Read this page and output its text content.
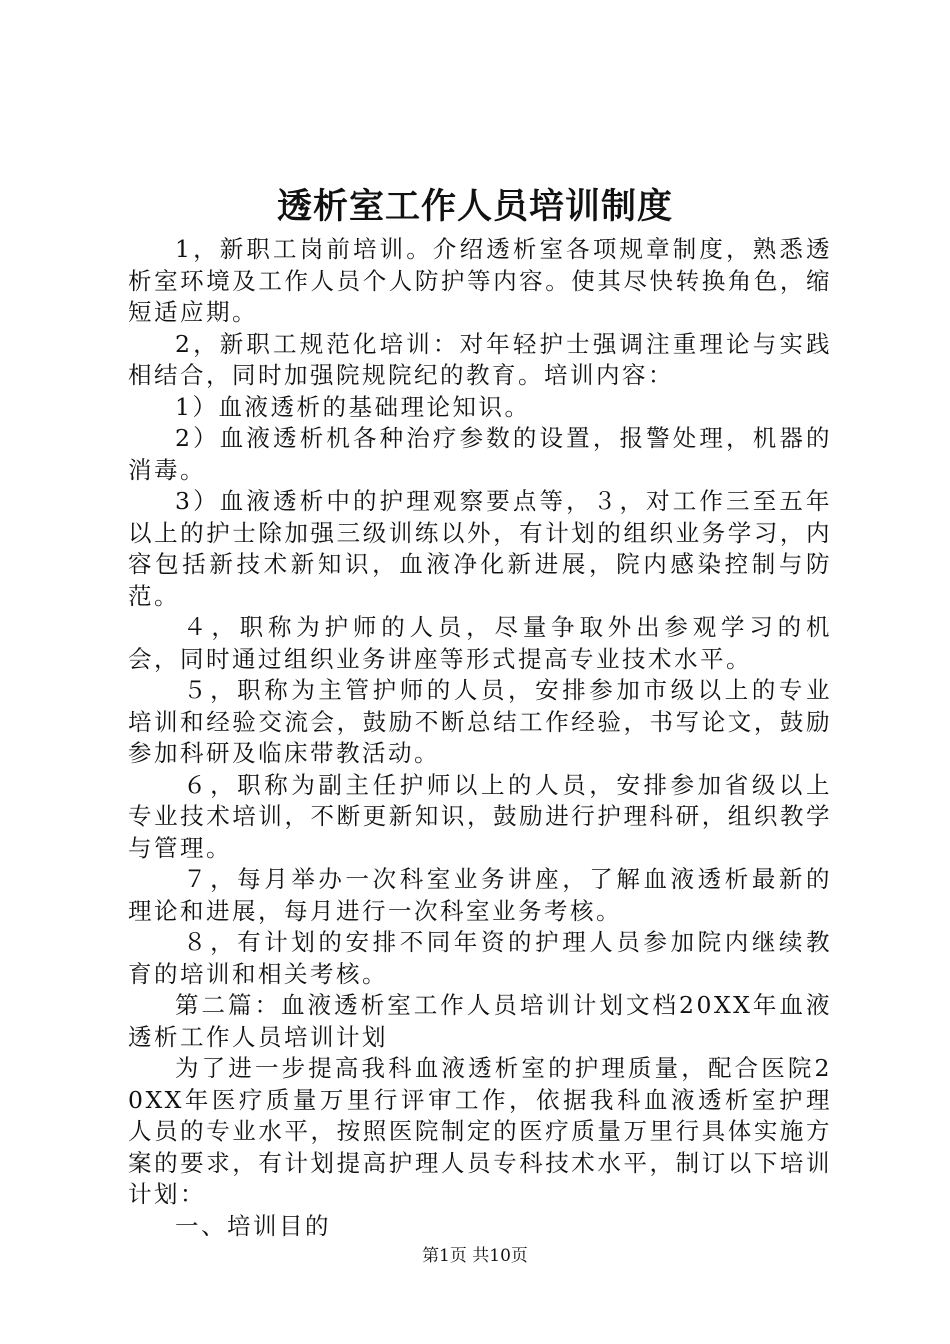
透析室工作人员培训制度

1，新职工岗前培训。介绍透析室各项规章制度，熟悉透析室环境及工作人员个人防护等内容。使其尽快转换角色，缩短适应期。

2，新职工规范化培训：对年轻护士强调注重理论与实践相结合，同时加强院规院纪的教育。培训内容：

1）血液透析的基础理论知识。

2）血液透析机各种治疗参数的设置，报警处理，机器的消毒。

3）血液透析中的护理观察要点等，３，对工作三至五年以上的护士除加强三级训练以外，有计划的组织业务学习，内容包括新技术新知识，血液净化新进展，院内感染控制与防范。

４，职称为护师的人员，尽量争取外出参观学习的机会，同时通过组织业务讲座等形式提高专业技术水平。

５，职称为主管护师的人员，安排参加市级以上的专业培训和经验交流会，鼓励不断总结工作经验，书写论文，鼓励参加科研及临床带教活动。

６，职称为副主任护师以上的人员，安排参加省级以上专业技术培训，不断更新知识，鼓励进行护理科研，组织教学与管理。

７，每月举办一次科室业务讲座，了解血液透析最新的理论和进展，每月进行一次科室业务考核。

８，有计划的安排不同年资的护理人员参加院内继续教育的培训和相关考核。

第二篇：血液透析室工作人员培训计划文档20XX年血液透析工作人员培训计划

为了进一步提高我科血液透析室的护理质量，配合医院20XX年医疗质量万里行评审工作，依据我科血液透析室护理人员的专业水平，按照医院制定的医疗质量万里行具体实施方案的要求，有计划提高护理人员专科技术水平，制订以下培训计划：

一、培训目的

第1页 共10页
